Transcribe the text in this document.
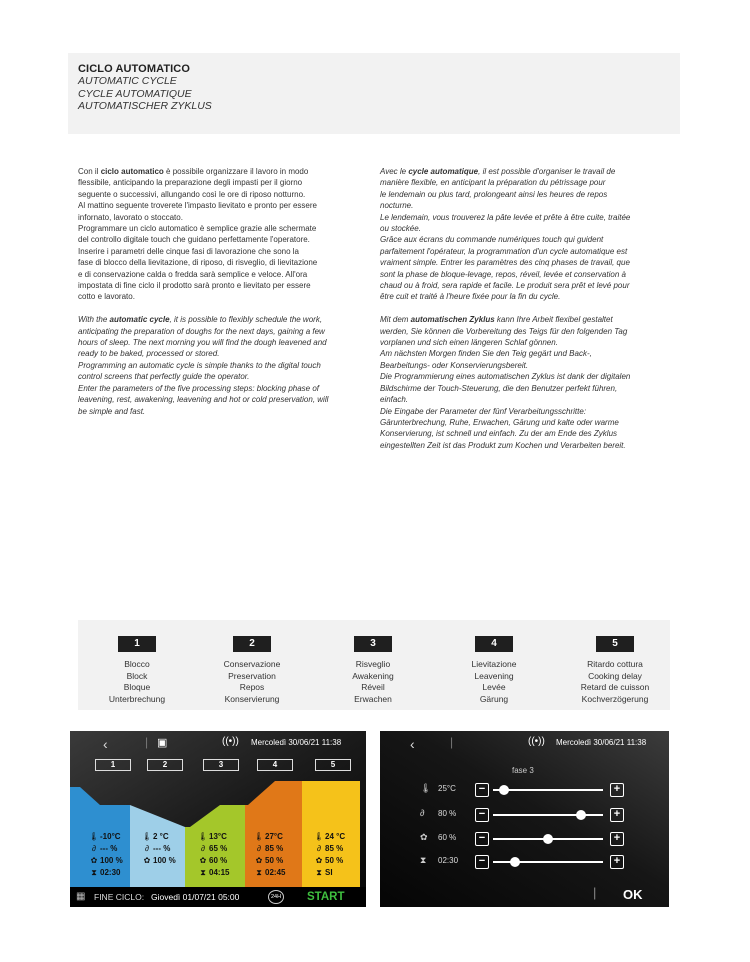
CICLO AUTOMATICO
AUTOMATIC CYCLE
CYCLE AUTOMATIQUE
AUTOMATISCHER ZYKLUS

Con il ciclo automatico è possibile organizzare il lavoro in modo
flessibile, anticipando la preparazione degli impasti per il giorno
seguente o successivi, allungando così le ore di riposo notturno.
Al mattino seguente troverete l'impasto lievitato e pronto per essere
infornato, lavorato o stoccato.
Programmare un ciclo automatico è semplice grazie alle schermate
del controllo digitale touch che guidano perfettamente l'operatore.
Inserire i parametri delle cinque fasi di lavorazione che sono la
fase di blocco della lievitazione, di riposo, di risveglio, di lievitazione
e di conservazione calda o fredda sarà semplice e veloce. All'ora
impostata di fine ciclo il prodotto sarà pronto e lievitato per essere
cotto e lavorato.

With the automatic cycle, it is possible to flexibly schedule the work,
anticipating the preparation of doughs for the next days, gaining a few
hours of sleep. The next morning you will find the dough leavened and
ready to be baked, processed or stored.
Programming an automatic cycle is simple thanks to the digital touch
control screens that perfectly guide the operator.
Enter the parameters of the five processing steps: blocking phase of
leavening, rest, awakening, leavening and hot or cold preservation, will
be simple and fast.

Avec le cycle automatique, il est possible d'organiser le travail de
manière flexible, en anticipant la préparation du pétrissage pour
le lendemain ou plus tard, prolongeant ainsi les heures de repos
nocturne.
Le lendemain, vous trouverez la pâte levée et prête à être cuite, traitée
ou stockée.
Grâce aux écrans du commande numériques touch qui guident
parfaitement l'opérateur, la programmation d'un cycle automatique est
vraiment simple. Entrer les paramètres des cinq phases de travail, que
sont la phase de bloque-levage, repos, réveil, levée et conservation à
chaud ou à froid, sera rapide et facile. Le produit sera prêt et levé pour
être cuit et traité à l'heure fixée pour la fin du cycle.

Mit dem automatischen Zyklus kann Ihre Arbeit flexibel gestaltet
werden, Sie können die Vorbereitung des Teigs für den folgenden Tag
vorplanen und sich einen längeren Schlaf gönnen.
Am nächsten Morgen finden Sie den Teig gegärt und Back-,
Bearbeitungs- oder Konservierungsbereit.
Die Programmierung eines automatischen Zyklus ist dank der digitalen
Bildschirme der Touch-Steuerung, die den Benutzer perfekt führen,
einfach.
Die Eingabe der Parameter der fünf Verarbeitungsschritte:
Gärunterbrechung, Ruhe, Erwachen, Gärung und kalte oder warme
Konservierung, ist schnell und einfach. Zu der am Ende des Zyklus
eingestellten Zeit ist das Produkt zum Kochen und Verarbeiten bereit.

1
Blocco
Block
Bloque
Unterbrechung
2
Conservazione
Preservation
Repos
Konservierung
3
Risveglio
Awakening
Réveil
Erwachen
4
Lievitazione
Leavening
Levée
Gärung
5
Ritardo cottura
Cooking delay
Retard de cuisson
Kochverzögerung
‹	| ▣	((•)) Mercoledì 30/06/21 11:38
1	2	3	4	5
🌡-10°C
∂ --- %
✿ 100 %
⧗ 02:30
🌡2 °C
∂ --- %
✿ 100 %
🌡13°C
∂ 65 %
✿ 60 %
⧗ 04:15
🌡27°C
∂ 85 %
✿ 50 %
⧗ 02:45
🌡24 °C
∂ 85 %
✿ 50 %
⧗ SI
▦ FINE CICLO: Giovedì 01/07/21 05:00	24H START
‹	|	((•)) Mercoledì 30/06/21 11:38
fase 3
🌡 25°C	−	+
∂	80 %	−	+
✿	60 %	−	+
⧗	02:30	−	+
| OK
